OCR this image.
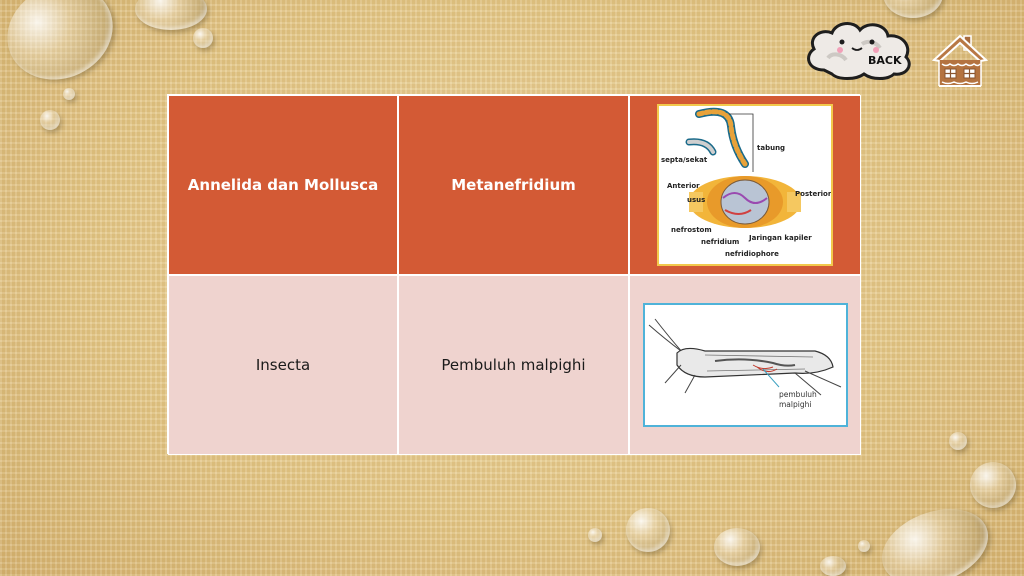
BACK
Annelida dan Mollusca	Metanefridium
tabung
septa/sekat
Anterior
usus
Posterior
nefrostom
nefridium Jaringan kapiler
nefridiophore
Insecta	Pembuluh malpighi
pembuluh
malpighi
